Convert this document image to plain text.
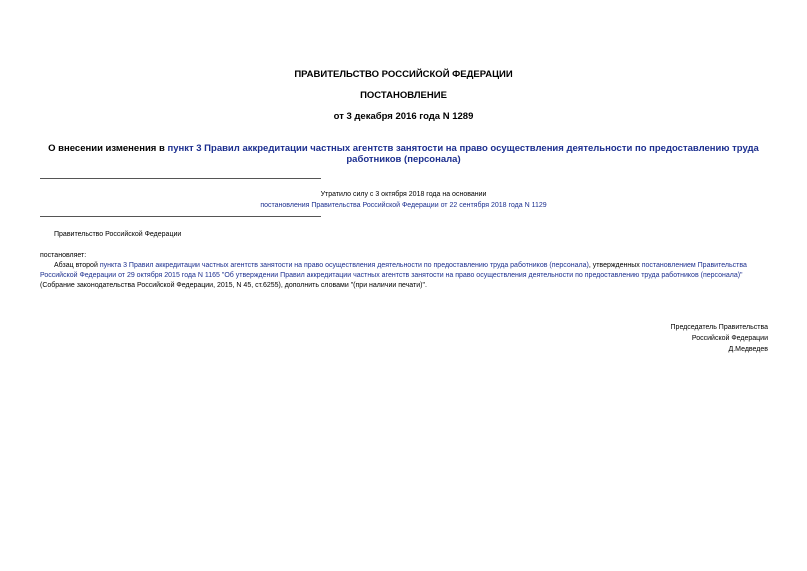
ПРАВИТЕЛЬСТВО РОССИЙСКОЙ ФЕДЕРАЦИИ
ПОСТАНОВЛЕНИЕ
от 3 декабря 2016 года N 1289
О внесении изменения в пункт 3 Правил аккредитации частных агентств занятости на право осуществления деятельности по предоставлению труда работников (персонала)
Утратило силу с 3 октября 2018 года на основании
постановления Правительства Российской Федерации от 22 сентября 2018 года N 1129
Правительство Российской Федерации
постановляет:
Абзац второй пункта 3 Правил аккредитации частных агентств занятости на право осуществления деятельности по предоставлению труда работников (персонала), утвержденных постановлением Правительства Российской Федерации от 29 октября 2015 года N 1165 "Об утверждении Правил аккредитации частных агентств занятости на право осуществления деятельности по предоставлению труда работников (персонала)" (Собрание законодательства Российской Федерации, 2015, N 45, ст.6255), дополнить словами "(при наличии печати)".
Председатель Правительства
Российской Федерации
Д.Медведев
